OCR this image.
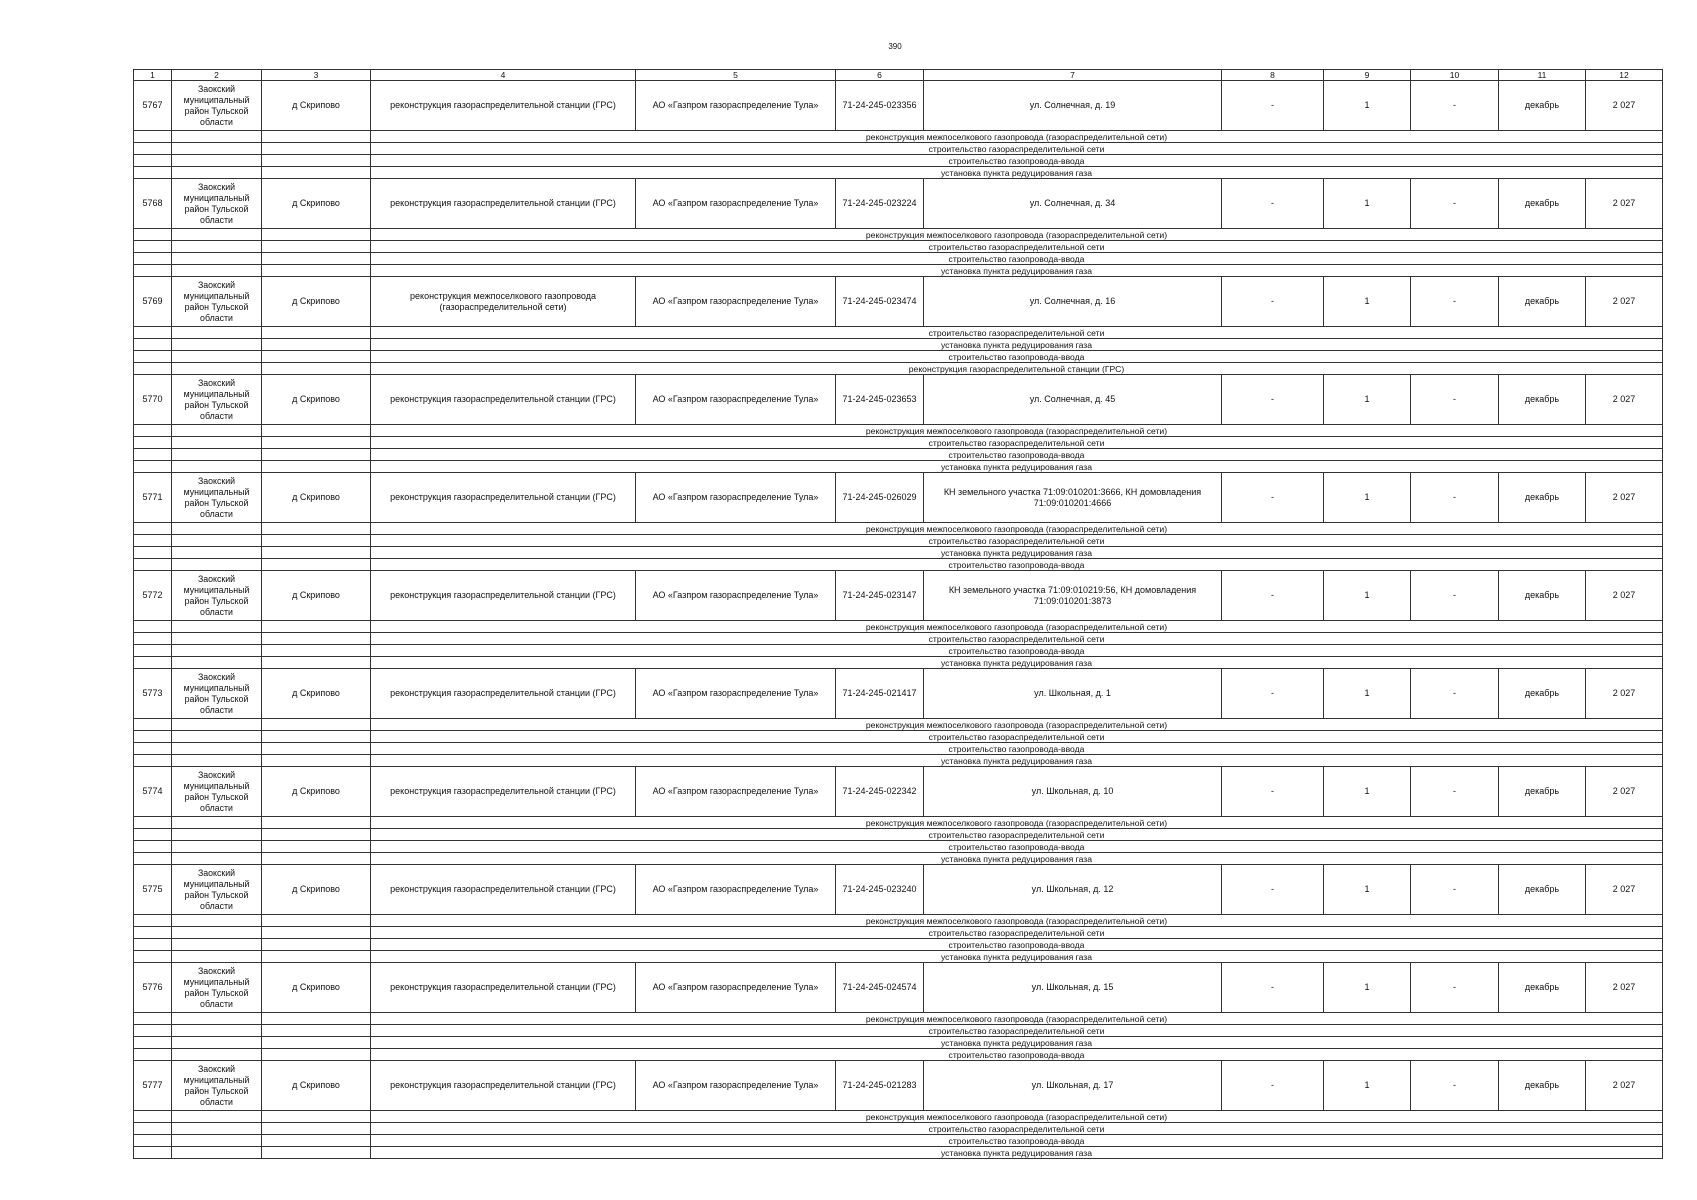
390
1	2	3	4	5	6	7	8	9	10	11	12
5767	Заокский муниципальный район Тульской области	д Скрипово	реконструкция газораспределительной станции (ГРС)	АО «Газпром газораспределение Тула»	71-24-245-023356	ул. Солнечная, д. 19	-	1	-	декабрь	2 027
			реконструкция межпоселкового газопровода (газораспределительной сети)								
			строительство газораспределительной сети								
			строительство газопровода-ввода								
			установка пункта редуцирования газа								
5768	Заокский муниципальный район Тульской области	д Скрипово	реконструкция газораспределительной станции (ГРС)	АО «Газпром газораспределение Тула»	71-24-245-023224	ул. Солнечная, д. 34	-	1	-	декабрь	2 027
			реконструкция межпоселкового газопровода (газораспределительной сети)								
			строительство газораспределительной сети								
			строительство газопровода-ввода								
			установка пункта редуцирования газа								
5769	Заокский муниципальный район Тульской области	д Скрипово	реконструкция межпоселкового газопровода (газораспределительной сети)	АО «Газпром газораспределение Тула»	71-24-245-023474	ул. Солнечная, д. 16	-	1	-	декабрь	2 027
			строительство газораспределительной сети								
			установка пункта редуцирования газа								
			строительство газопровода-ввода								
			реконструкция газораспределительной станции (ГРС)								
5770	Заокский муниципальный район Тульской области	д Скрипово	реконструкция газораспределительной станции (ГРС)	АО «Газпром газораспределение Тула»	71-24-245-023653	ул. Солнечная, д. 45	-	1	-	декабрь	2 027
			реконструкция межпоселкового газопровода (газораспределительной сети)								
			строительство газораспределительной сети								
			строительство газопровода-ввода								
			установка пункта редуцирования газа								
5771	Заокский муниципальный район Тульской области	д Скрипово	реконструкция газораспределительной станции (ГРС)	АО «Газпром газораспределение Тула»	71-24-245-026029	КН земельного участка 71:09:010201:3666, КН домовладения 71:09:010201:4666	-	1	-	декабрь	2 027
			реконструкция межпоселкового газопровода (газораспределительной сети)								
			строительство газораспределительной сети								
			установка пункта редуцирования газа								
			строительство газопровода-ввода								
5772	Заокский муниципальный район Тульской области	д Скрипово	реконструкция газораспределительной станции (ГРС)	АО «Газпром газораспределение Тула»	71-24-245-023147	КН земельного участка 71:09:010219:56, КН домовладения 71:09:010201:3873	-	1	-	декабрь	2 027
			реконструкция межпоселкового газопровода (газораспределительной сети)								
			строительство газораспределительной сети								
			строительство газопровода-ввода								
			установка пункта редуцирования газа								
5773	Заокский муниципальный район Тульской области	д Скрипово	реконструкция газораспределительной станции (ГРС)	АО «Газпром газораспределение Тула»	71-24-245-021417	ул. Школьная, д. 1	-	1	-	декабрь	2 027
			реконструкция межпоселкового газопровода (газораспределительной сети)								
			строительство газораспределительной сети								
			строительство газопровода-ввода								
			установка пункта редуцирования газа								
5774	Заокский муниципальный район Тульской области	д Скрипово	реконструкция газораспределительной станции (ГРС)	АО «Газпром газораспределение Тула»	71-24-245-022342	ул. Школьная, д. 10	-	1	-	декабрь	2 027
			реконструкция межпоселкового газопровода (газораспределительной сети)								
			строительство газораспределительной сети								
			строительство газопровода-ввода								
			установка пункта редуцирования газа								
5775	Заокский муниципальный район Тульской области	д Скрипово	реконструкция газораспределительной станции (ГРС)	АО «Газпром газораспределение Тула»	71-24-245-023240	ул. Школьная, д. 12	-	1	-	декабрь	2 027
			реконструкция межпоселкового газопровода (газораспределительной сети)								
			строительство газораспределительной сети								
			строительство газопровода-ввода								
			установка пункта редуцирования газа								
5776	Заокский муниципальный район Тульской области	д Скрипово	реконструкция газораспределительной станции (ГРС)	АО «Газпром газораспределение Тула»	71-24-245-024574	ул. Школьная, д. 15	-	1	-	декабрь	2 027
			реконструкция межпоселкового газопровода (газораспределительной сети)								
			строительство газораспределительной сети								
			установка пункта редуцирования газа								
			строительство газопровода-ввода								
5777	Заокский муниципальный район Тульской области	д Скрипово	реконструкция газораспределительной станции (ГРС)	АО «Газпром газораспределение Тула»	71-24-245-021283	ул. Школьная, д. 17	-	1	-	декабрь	2 027
			реконструкция межпоселкового газопровода (газораспределительной сети)								
			строительство газораспределительной сети								
			строительство газопровода-ввода								
			установка пункта редуцирования газа								
